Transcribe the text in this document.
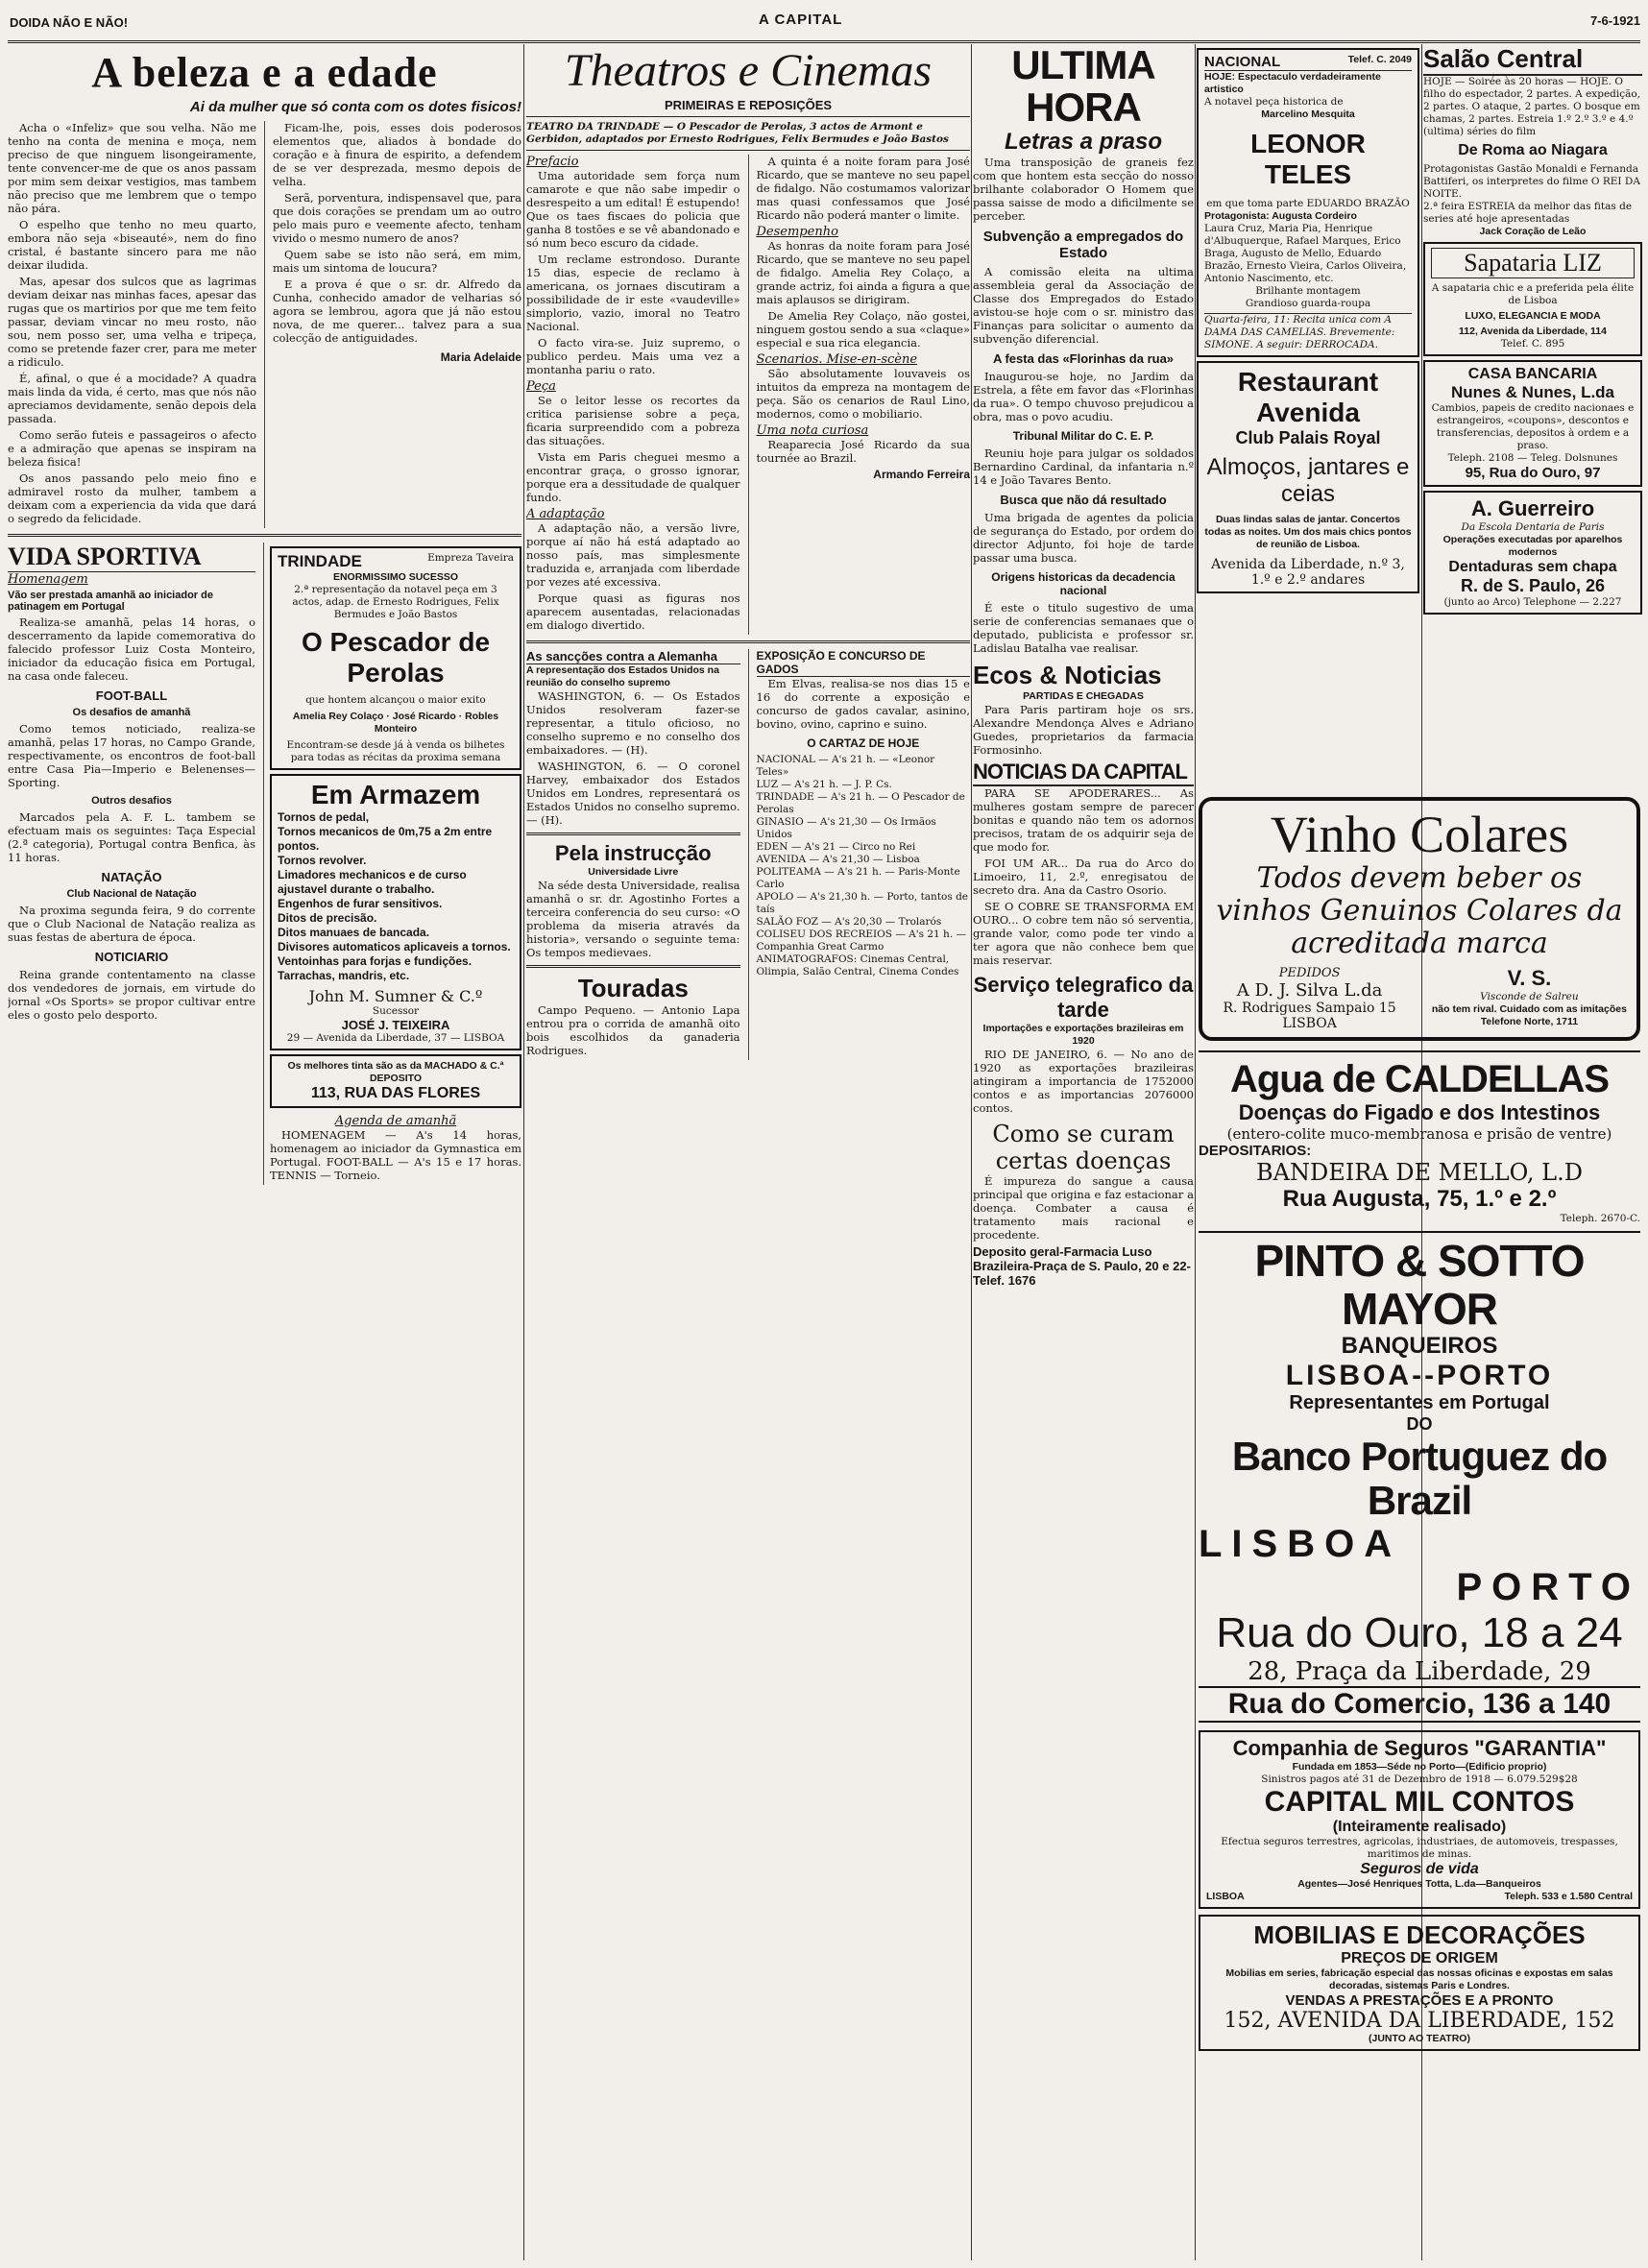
DOIDA NÃO E NÃO!	A CAPITAL	7-6-1921
A beleza e a edade
Ai da mulher que só conta com os dotes fisicos!

Acha o «Infeliz» que sou velha. Não me tenho na conta de menina e moça, nem preciso de que ninguem lisongeiramente, tente convencer-me de que os anos passam por mim sem deixar vestigios, mas tambem não preciso que me lembrem que o tempo não pára.

O espelho que tenho no meu quarto, embora não seja «biseauté», nem do fino cristal, é bastante sincero para me não deixar iludida.

Mas, apesar dos sulcos que as lagrimas deviam deixar nas minhas faces, apesar das rugas que os martirios por que me tem feito passar, deviam vincar no meu rosto, não sou, nem posso ser, uma velha e tripeça, como se pretende fazer crer, para me meter a ridiculo.

É, afinal, o que é a mocidade? A quadra mais linda da vida, é certo, mas que nós não apreciamos devidamente, senão depois dela passada.

Como serão futeis e passageiros o afecto e a admiração que apenas se inspiram na beleza fisica!

Os anos passando pelo meio fino e admiravel rosto da mulher, tambem a deixam com a experiencia da vida que dará o segredo da felicidade.

Ficam-lhe, pois, esses dois poderosos elementos que, aliados à bondade do coração e à finura de espirito, a defendem de se ver desprezada, mesmo depois de velha.

Serã, porventura, indispensavel que, para que dois corações se prendam um ao outro pelo mais puro e veemente afecto, tenham vivido o mesmo numero de anos?

Quem sabe se isto não será, em mim, mais um sintoma de loucura?

E a prova é que o sr. dr. Alfredo da Cunha, conhecido amador de velharias só agora se lembrou, agora que já não estou nova, de me querer... talvez para a sua colecção de antiguidades.

Maria Adelaide
VIDA SPORTIVA
Homenagem
Vão ser prestada amanhã ao iniciador de patinagem em Portugal

Realiza-se amanhã, pelas 14 horas, o descerramento da lapide comemorativa do falecido professor Luiz Costa Monteiro, iniciador da educação fisica em Portugal, na casa onde faleceu.

FOOT-BALL
Os desafios de amanhã

Como temos noticiado, realiza-se amanhã, pelas 17 horas, no Campo Grande, respectivamente, os encontros de foot-ball entre Casa Pia—Imperio e Belenenses—Sporting.

Outros desafios

Marcados pela A. F. L. tambem se efectuam mais os seguintes: Taça Especial (2.ª categoria), Portugal contra Benfica, às 11 horas.

NATAÇÃO
Club Nacional de Natação

Na proxima segunda feira, 9 do corrente que o Club Nacional de Natação realiza as suas festas de abertura de época.

NOTICIARIO

Reina grande contentamento na classe dos vendedores de jornais, em virtude do jornal «Os Sports» se propor cultivar entre eles o gosto pelo desporto.

TRINDADE	Empreza Taveira
ENORMISSIMO SUCESSO
2.ª representação da notavel peça em 3 actos, adap. de Ernesto Rodrigues, Felix Bermudes e João Bastos
O Pescador de Perolas
que hontem alcançou o maior exito
Amelia Rey Colaço · José Ricardo · Robles Monteiro
Encontram-se desde já à venda os bilhetes para todas as récitas da proxima semana
Em Armazem
Tornos de pedal,
Tornos mecanicos de 0m,75 a 2m entre pontos.
Tornos revolver.
Limadores mechanicos e de curso ajustavel durante o trabalho.
Engenhos de furar sensitivos.
Ditos de precisão.
Ditos manuaes de bancada.
Divisores automaticos aplicaveis a tornos.
Ventoinhas para forjas e fundições.
Tarrachas, mandris, etc.
John M. Sumner & C.º
Sucessor
JOSÉ J. TEIXEIRA
29 — Avenida da Liberdade, 37 — LISBOA
Os melhores tinta são as da MACHADO & C.ª
DEPOSITO
113, RUA DAS FLORES
Agenda de amanhã

HOMENAGEM — A's 14 horas, homenagem ao iniciador da Gymnastica em Portugal. FOOT-BALL — A's 15 e 17 horas. TENNIS — Torneio.

Theatros e Cinemas
PRIMEIRAS E REPOSIÇÕES
TEATRO DA TRINDADE — O Pescador de Perolas, 3 actos de Armont e Gerbidon, adaptados por Ernesto Rodrigues, Felix Bermudes e João Bastos
Prefacio

Uma autoridade sem força num camarote e que não sabe impedir o desrespeito a um edital! É estupendo! Que os taes fiscaes do policia que ganha 8 tostões e se vê abandonado e só num beco escuro da cidade.

Um reclame estrondoso. Durante 15 dias, especie de reclamo à americana, os jornaes discutiram a possibilidade de ir este «vaudeville» simplorio, vazio, imoral no Teatro Nacional.

O facto vira-se. Juiz supremo, o publico perdeu. Mais uma vez a montanha pariu o rato.

Peça

Se o leitor lesse os recortes da critica parisiense sobre a peça, ficaria surpreendido com a pobreza das situações.

Vista em Paris cheguei mesmo a encontrar graça, o grosso ignorar, porque era a dessitudade de qualquer fundo.

A adaptação

A adaptação não, a versão livre, porque aí não há está adaptado ao nosso país, mas simplesmente traduzida e, arranjada com liberdade por vezes até excessiva.

Porque quasi as figuras nos aparecem ausentadas, relacionadas em dialogo divertido.

A quinta é a noite foram para José Ricardo, que se manteve no seu papel de fidalgo. Não costumamos valorizar mas quasi confessamos que José Ricardo não poderá manter o limite.

Desempenho

As honras da noite foram para José Ricardo, que se manteve no seu papel de fidalgo. Amelia Rey Colaço, a grande actriz, foi ainda a figura a que mais aplausos se dirigiram.

De Amelia Rey Colaço, não gostei, ninguem gostou sendo a sua «claque» especial e sua rica elegancia.

Scenarios. Mise-en-scène

São absolutamente louvaveis os intuitos da empreza na montagem de peça. São os cenarios de Raul Lino, modernos, como o mobiliario.

Uma nota curiosa

Reaparecia José Ricardo da sua tournée ao Brazil.

Armando Ferreira
As sancções contra a Alemanha
A representação dos Estados Unidos na reunião do conselho supremo

WASHINGTON, 6. — Os Estados Unidos resolveram fazer-se representar, a titulo oficioso, no conselho supremo e no conselho dos embaixadores. — (H).

WASHINGTON, 6. — O coronel Harvey, embaixador dos Estados Unidos em Londres, representará os Estados Unidos no conselho supremo. — (H).

Pela instrucção
Universidade Livre

Na séde desta Universidade, realisa amanhã o sr. dr. Agostinho Fortes a terceira conferencia do seu curso: «O problema da miseria através da historia», versando o seguinte tema: Os tempos medievaes.

Touradas

Campo Pequeno. — Antonio Lapa entrou pra o corrida de amanhã oito bois escolhidos da ganaderia Rodrigues.

EXPOSIÇÃO E CONCURSO DE GADOS

Em Elvas, realisa-se nos dias 15 e 16 do corrente a exposição e concurso de gados cavalar, asinino, bovino, ovino, caprino e suino.

O CARTAZ DE HOJE
NACIONAL — A's 21 h. — «Leonor Teles»
LUZ — A's 21 h. — J. P. Cs.
TRINDADE — A's 21 h. — O Pescador de Perolas
GINASIO — A's 21,30 — Os Irmãos Unidos
EDEN — A's 21 — Circo no Rei
AVENIDA — A's 21,30 — Lisboa
POLITEAMA — A's 21 h. — Paris-Monte Carlo
APOLO — A's 21,30 h. — Porto, tantos de taís
SALÃO FOZ — A's 20,30 — Trolarós
COLISEU DOS RECREIOS — A's 21 h. — Companhia Great Carmo
ANIMATOGRAFOS: Cinemas Central, Olimpia, Salão Central, Cinema Condes
ULTIMA HORA
Letras a praso

Uma transposição de graneis fez com que hontem esta secção do nosso brilhante colaborador O Homem que passa saisse de modo a dificilmente se perceber.

Subvenção a empregados do Estado

A comissão eleita na ultima assembleia geral da Associação de Classe dos Empregados do Estado avistou-se hoje com o sr. ministro das Finanças para solicitar o aumento da subvenção diferencial.

A festa das «Florinhas da rua»

Inaugurou-se hoje, no Jardim da Estrela, a fête em favor das «Florinhas da rua». O tempo chuvoso prejudicou a obra, mas o povo acudiu.

Tribunal Militar do C. E. P.

Reuniu hoje para julgar os soldados Bernardino Cardinal, da infantaria n.º 14 e João Tavares Bento.

Busca que não dá resultado

Uma brigada de agentes da policia de segurança do Estado, por ordem do director Adjunto, foi hoje de tarde passar uma busca.

Origens historicas da decadencia nacional

É este o titulo sugestivo de uma serie de conferencias semanaes que o deputado, publicista e professor sr. Ladislau Batalha vae realisar.

Ecos & Noticias
PARTIDAS E CHEGADAS

Para Paris partiram hoje os srs. Alexandre Mendonça Alves e Adriano Guedes, proprietarios da farmacia Formosinho.

NOTICIAS DA CAPITAL

PARA SE APODERARES... As mulheres gostam sempre de parecer bonitas e quando não tem os adornos precisos, tratam de os adquirir seja de que modo for.

FOI UM AR... Da rua do Arco do Limoeiro, 11, 2.º, enregisatou de secreto dra. Ana da Castro Osorio.

SE O COBRE SE TRANSFORMA EM OURO... O cobre tem não só serventia, grande valor, como pode ter vindo a ter agora que não conhece bem que mais reservar.

Serviço telegrafico da tarde
Importações e exportações brazileiras em 1920

RIO DE JANEIRO, 6. — No ano de 1920 as exportações brazileiras atingiram a importancia de 1752000 contos e as importancias 2076000 contos.

Como se curam certas doenças

É impureza do sangue a causa principal que origina e faz estacionar a doença. Combater a causa é tratamento mais racional e procedente.

Deposito geral-Farmacia Luso Brazileira-Praça de S. Paulo, 20 e 22-Telef. 1676
NACIONAL	Telef. C. 2049
HOJE: Espectaculo verdadeiramente artistico
A notavel peça historica de
Marcelino Mesquita
LEONOR TELES
em que toma parte EDUARDO BRAZÃO
Protagonista: Augusta Cordeiro
Laura Cruz, Maria Pia, Henrique d'Albuquerque, Rafael Marques, Erico Braga, Augusto de Mello, Eduardo Brazão, Ernesto Vieira, Carlos Oliveira, Antonio Nascimento, etc.
Brilhante montagem
Grandioso guarda-roupa
Quarta-feira, 11: Recita unica com A DAMA DAS CAMELIAS. Brevemente: SIMONE. A seguir: DERROCADA.
Restaurant Avenida
Club Palais Royal
Almoços, jantares e ceias
Duas lindas salas de jantar. Concertos todas as noites. Um dos mais chics pontos de reunião de Lisboa.
Avenida da Liberdade, n.º 3, 1.º e 2.º andares
Salão Central
HOJE — Soirée às 20 horas — HOJE. O filho do espectador, 2 partes. A expedição, 2 partes. O ataque, 2 partes. O bosque em chamas, 2 partes. Estreia 1.º 2.º 3.º e 4.º (ultima) séries do film
De Roma ao Niagara
Protagonistas Gastão Monaldi e Fernanda Battiferi, os interpretes do filme O REI DA NOITE.
2.ª feira ESTREIA da melhor das fitas de series até hoje apresentadas
Jack Coração de Leão
Sapataria LIZ
A sapataria chic e a preferida pela élite de Lisboa
LUXO, ELEGANCIA E MODA
112, Avenida da Liberdade, 114
Telef. C. 895
CASA BANCARIA
Nunes & Nunes, L.da
Cambios, papeis de credito nacionaes e estrangeiros, «coupons», descontos e transferencias, depositos à ordem e a praso.
Teleph. 2108 — Teleg. Dolsnunes
95, Rua do Ouro, 97
A. Guerreiro
Da Escola Dentaria de Paris
Operações executadas por aparelhos modernos
Dentaduras sem chapa
R. de S. Paulo, 26
(junto ao Arco) Telephone — 2.227
Vinho Colares
Todos devem beber os vinhos Genuinos Colares da acreditada marca
PEDIDOS
A D. J. Silva L.da
R. Rodrigues Sampaio 15 LISBOA
V. S.
Visconde de Salreu
não tem rival. Cuidado com as imitações
Telefone Norte, 1711
Agua de CALDELLAS
Doenças do Figado e dos Intestinos
(entero-colite muco-membranosa e prisão de ventre)
DEPOSITARIOS:
BANDEIRA DE MELLO, L.D
Rua Augusta, 75, 1.º e 2.º
Teleph. 2670-C.
PINTO & SOTTO MAYOR
BANQUEIROS
LISBOA--PORTO
Representantes em Portugal
DO
Banco Portuguez do Brazil
LISBOA
PORTO
Rua do Ouro, 18 a 24
28, Praça da Liberdade, 29
Rua do Comercio, 136 a 140
Companhia de Seguros "GARANTIA"
Fundada em 1853—Séde no Porto—(Edificio proprio)
Sinistros pagos até 31 de Dezembro de 1918 — 6.079.529$28
CAPITAL MIL CONTOS
(Inteiramente realisado)
Efectua seguros terrestres, agricolas, industriaes, de automoveis, trespasses, maritimos de minas.
Seguros de vida
Agentes—José Henriques Totta, L.da—Banqueiros
LISBOA	Teleph. 533 e 1.580 Central
MOBILIAS E DECORAÇÕES
PREÇOS DE ORIGEM
Mobilias em series, fabricação especial das nossas oficinas e expostas em salas decoradas, sistemas Paris e Londres.
VENDAS A PRESTAÇÕES E A PRONTO
152, AVENIDA DA LIBERDADE, 152
(JUNTO AO TEATRO)
